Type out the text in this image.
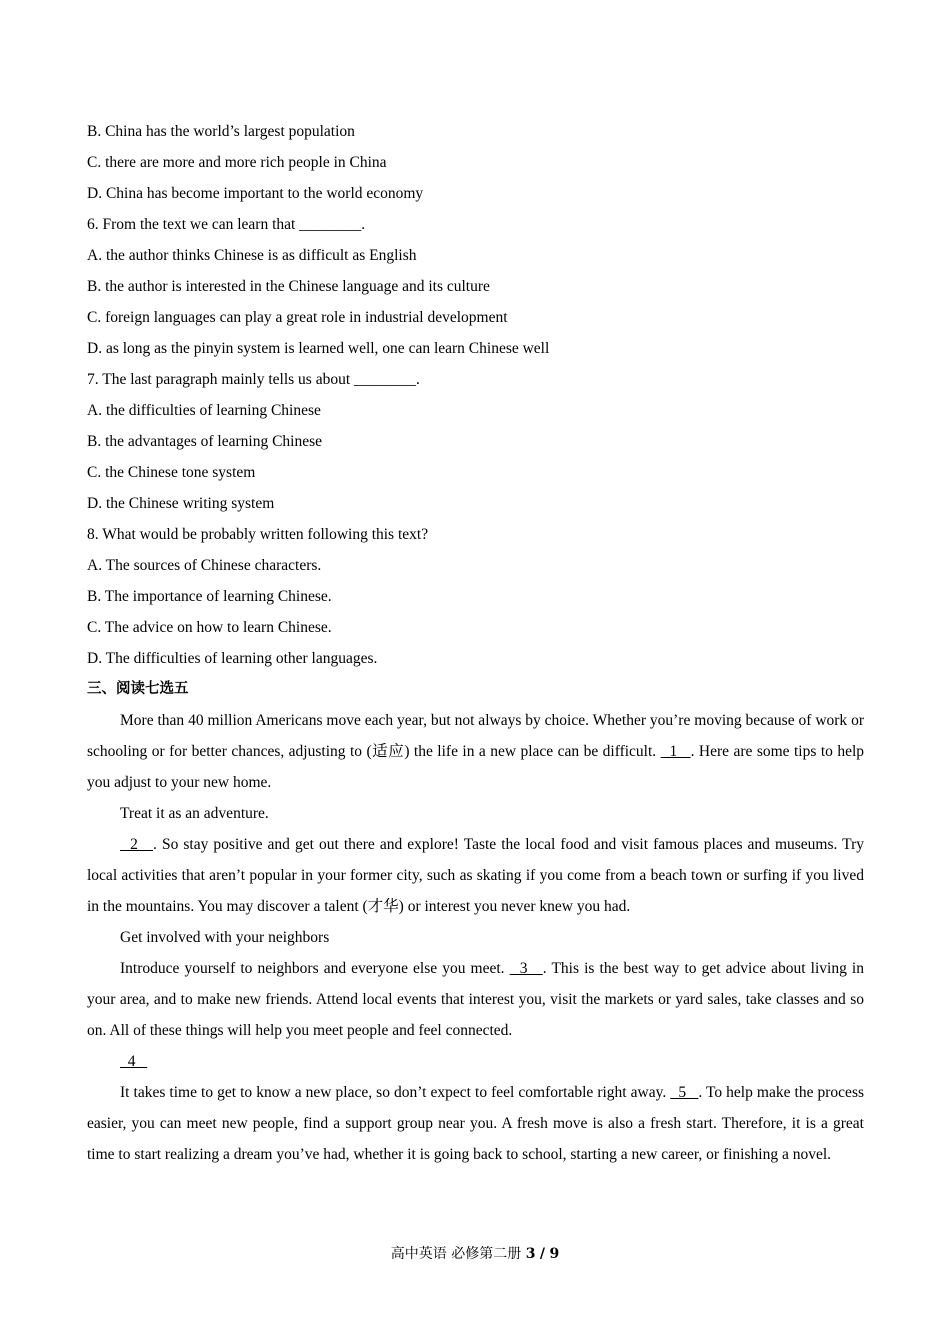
B. China has the world’s largest population
C. there are more and more rich people in China
D. China has become important to the world economy
6. From the text we can learn that ________.
A. the author thinks Chinese is as difficult as English
B. the author is interested in the Chinese language and its culture
C. foreign languages can play a great role in industrial development
D. as long as the pinyin system is learned well, one can learn Chinese well
7. The last paragraph mainly tells us about ________.
A. the difficulties of learning Chinese
B. the advantages of learning Chinese
C. the Chinese tone system
D. the Chinese writing system
8. What would be probably written following this text?
A. The sources of Chinese characters.
B. The importance of learning Chinese.
C. The advice on how to learn Chinese.
D. The difficulties of learning other languages.
三、阅读七选五
More than 40 million Americans move each year, but not always by choice. Whether you’re moving because of work or schooling or for better chances, adjusting to (适应) the life in a new place can be difficult.   1   . Here are some tips to help you adjust to your new home.
Treat it as an adventure.
2   . So stay positive and get out there and explore! Taste the local food and visit famous places and museums. Try local activities that aren’t popular in your former city, such as skating if you come from a beach town or surfing if you lived in the mountains. You may discover a talent (才华) or interest you never knew you had.
Get involved with your neighbors
Introduce yourself to neighbors and everyone else you meet.   3   . This is the best way to get advice about living in your area, and to make new friends. Attend local events that interest you, visit the markets or yard sales, take classes and so on. All of these things will help you meet people and feel connected.
4
It takes time to get to know a new place, so don’t expect to feel comfortable right away.   5   . To help make the process easier, you can meet new people, find a support group near you. A fresh move is also a fresh start. Therefore, it is a great time to start realizing a dream you’ve had, whether it is going back to school, starting a new career, or finishing a novel.
高中英语 必修第二册 3 / 9
